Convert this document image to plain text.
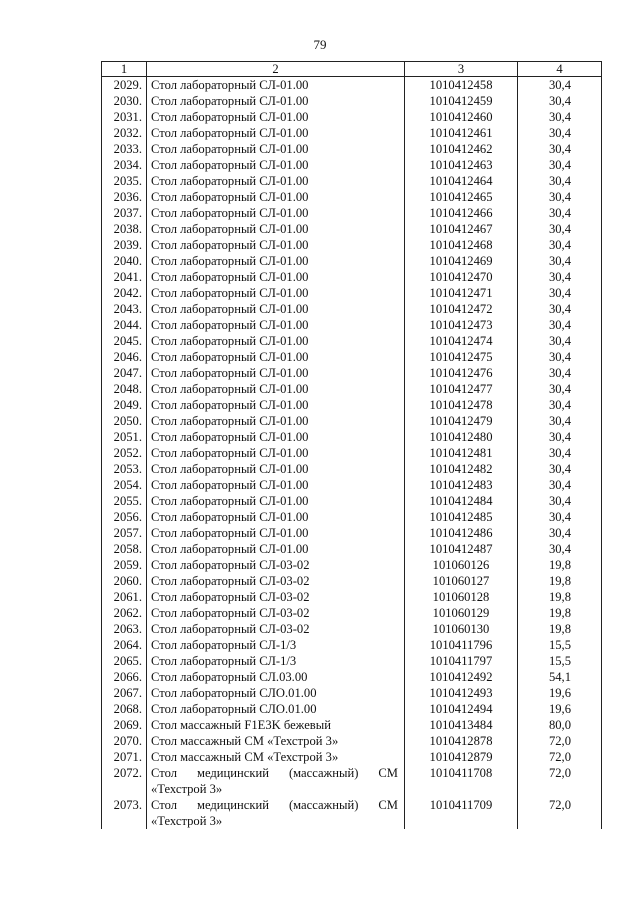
79
1	2	3	4
2029.	Стол лабораторный СЛ-01.00	1010412458	30,4
2030.	Стол лабораторный СЛ-01.00	1010412459	30,4
2031.	Стол лабораторный СЛ-01.00	1010412460	30,4
2032.	Стол лабораторный СЛ-01.00	1010412461	30,4
2033.	Стол лабораторный СЛ-01.00	1010412462	30,4
2034.	Стол лабораторный СЛ-01.00	1010412463	30,4
2035.	Стол лабораторный СЛ-01.00	1010412464	30,4
2036.	Стол лабораторный СЛ-01.00	1010412465	30,4
2037.	Стол лабораторный СЛ-01.00	1010412466	30,4
2038.	Стол лабораторный СЛ-01.00	1010412467	30,4
2039.	Стол лабораторный СЛ-01.00	1010412468	30,4
2040.	Стол лабораторный СЛ-01.00	1010412469	30,4
2041.	Стол лабораторный СЛ-01.00	1010412470	30,4
2042.	Стол лабораторный СЛ-01.00	1010412471	30,4
2043.	Стол лабораторный СЛ-01.00	1010412472	30,4
2044.	Стол лабораторный СЛ-01.00	1010412473	30,4
2045.	Стол лабораторный СЛ-01.00	1010412474	30,4
2046.	Стол лабораторный СЛ-01.00	1010412475	30,4
2047.	Стол лабораторный СЛ-01.00	1010412476	30,4
2048.	Стол лабораторный СЛ-01.00	1010412477	30,4
2049.	Стол лабораторный СЛ-01.00	1010412478	30,4
2050.	Стол лабораторный СЛ-01.00	1010412479	30,4
2051.	Стол лабораторный СЛ-01.00	1010412480	30,4
2052.	Стол лабораторный СЛ-01.00	1010412481	30,4
2053.	Стол лабораторный СЛ-01.00	1010412482	30,4
2054.	Стол лабораторный СЛ-01.00	1010412483	30,4
2055.	Стол лабораторный СЛ-01.00	1010412484	30,4
2056.	Стол лабораторный СЛ-01.00	1010412485	30,4
2057.	Стол лабораторный СЛ-01.00	1010412486	30,4
2058.	Стол лабораторный СЛ-01.00	1010412487	30,4
2059.	Стол лабораторный СЛ-03-02	101060126	19,8
2060.	Стол лабораторный СЛ-03-02	101060127	19,8
2061.	Стол лабораторный СЛ-03-02	101060128	19,8
2062.	Стол лабораторный СЛ-03-02	101060129	19,8
2063.	Стол лабораторный СЛ-03-02	101060130	19,8
2064.	Стол лабораторный СЛ-1/3	1010411796	15,5
2065.	Стол лабораторный СЛ-1/3	1010411797	15,5
2066.	Стол лабораторный СЛ.03.00	1010412492	54,1
2067.	Стол лабораторный СЛО.01.00	1010412493	19,6
2068.	Стол лабораторный СЛО.01.00	1010412494	19,6
2069.	Стол массажный F1E3K бежевый	1010413484	80,0
2070.	Стол массажный СМ «Техстрой 3»	1010412878	72,0
2071.	Стол массажный СМ «Техстрой 3»	1010412879	72,0
2072.	Стол медицинский (массажный) СМ «Техстрой 3»	1010411708	72,0
2073.	Стол медицинский (массажный) СМ «Техстрой 3»	1010411709	72,0
